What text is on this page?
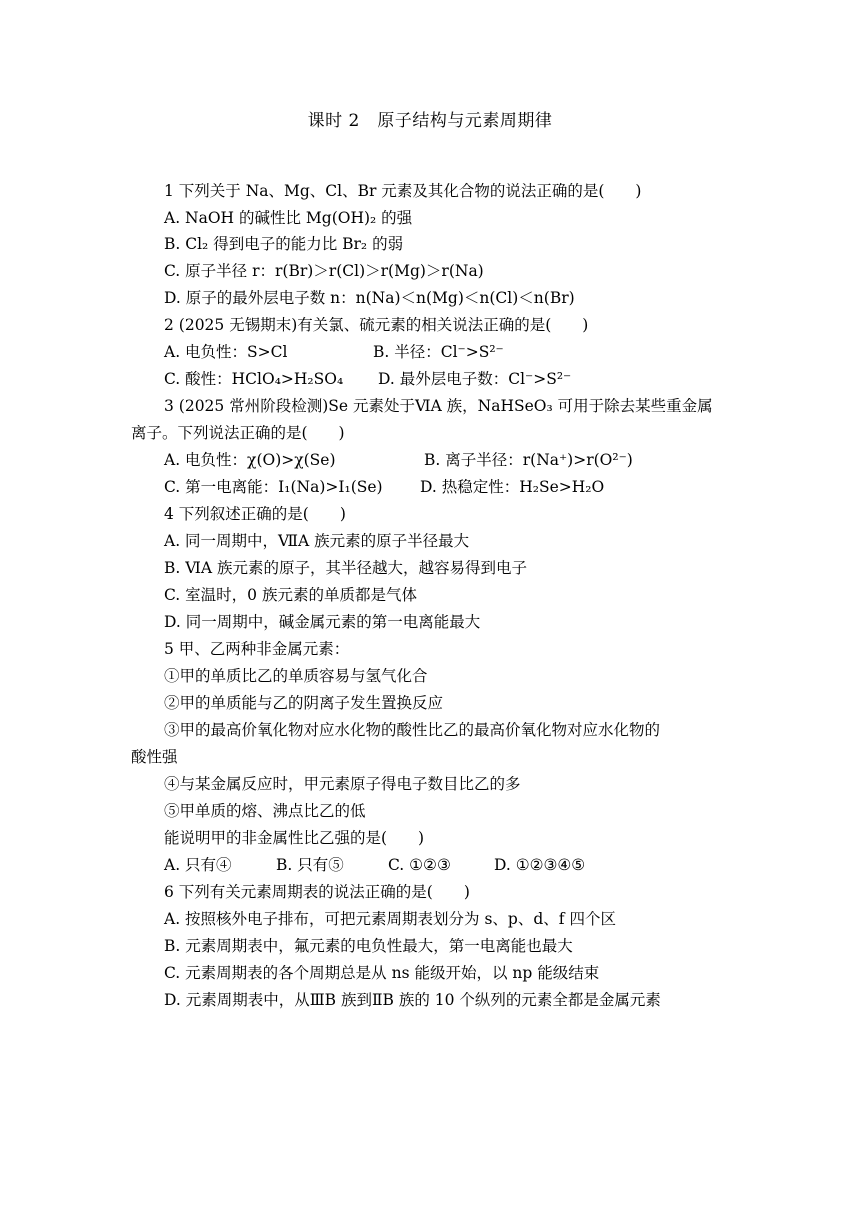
课时 2　原子结构与元素周期律
1 下列关于 Na、Mg、Cl、Br 元素及其化合物的说法正确的是(　　)
A. NaOH 的碱性比 Mg(OH)₂ 的强
B. Cl₂ 得到电子的能力比 Br₂ 的弱
C. 原子半径 r：r(Br)＞r(Cl)＞r(Mg)＞r(Na)
D. 原子的最外层电子数 n：n(Na)＜n(Mg)＜n(Cl)＜n(Br)
2 (2025 无锡期末)有关氯、硫元素的相关说法正确的是(　　)
A. 电负性：S>Cl	B. 半径：Cl⁻>S²⁻
C. 酸性：HClO₄>H₂SO₄ D. 最外层电子数：Cl⁻>S²⁻
3 (2025 常州阶段检测)Se 元素处于ⅥA 族，NaHSeO₃ 可用于除去某些重金属
离子。下列说法正确的是(　　)
A. 电负性：χ(O)>χ(Se)	B. 离子半径：r(Na⁺)>r(O²⁻)
C. 第一电离能：I₁(Na)>I₁(Se) D. 热稳定性：H₂Se>H₂O
4 下列叙述正确的是(　　)
A. 同一周期中，ⅦA 族元素的原子半径最大
B. ⅥA 族元素的原子，其半径越大，越容易得到电子
C. 室温时，0 族元素的单质都是气体
D. 同一周期中，碱金属元素的第一电离能最大
5 甲、乙两种非金属元素：
①甲的单质比乙的单质容易与氢气化合
②甲的单质能与乙的阴离子发生置换反应
③甲的最高价氧化物对应水化物的酸性比乙的最高价氧化物对应水化物的
酸性强
④与某金属反应时，甲元素原子得电子数目比乙的多
⑤甲单质的熔、沸点比乙的低
能说明甲的非金属性比乙强的是(　　)
A. 只有④	B. 只有⑤	C. ①②③	D. ①②③④⑤
6 下列有关元素周期表的说法正确的是(　　)
A. 按照核外电子排布，可把元素周期表划分为 s、p、d、f 四个区
B. 元素周期表中，氟元素的电负性最大，第一电离能也最大
C. 元素周期表的各个周期总是从 ns 能级开始，以 np 能级结束
D. 元素周期表中，从ⅢB 族到ⅡB 族的 10 个纵列的元素全都是金属元素
